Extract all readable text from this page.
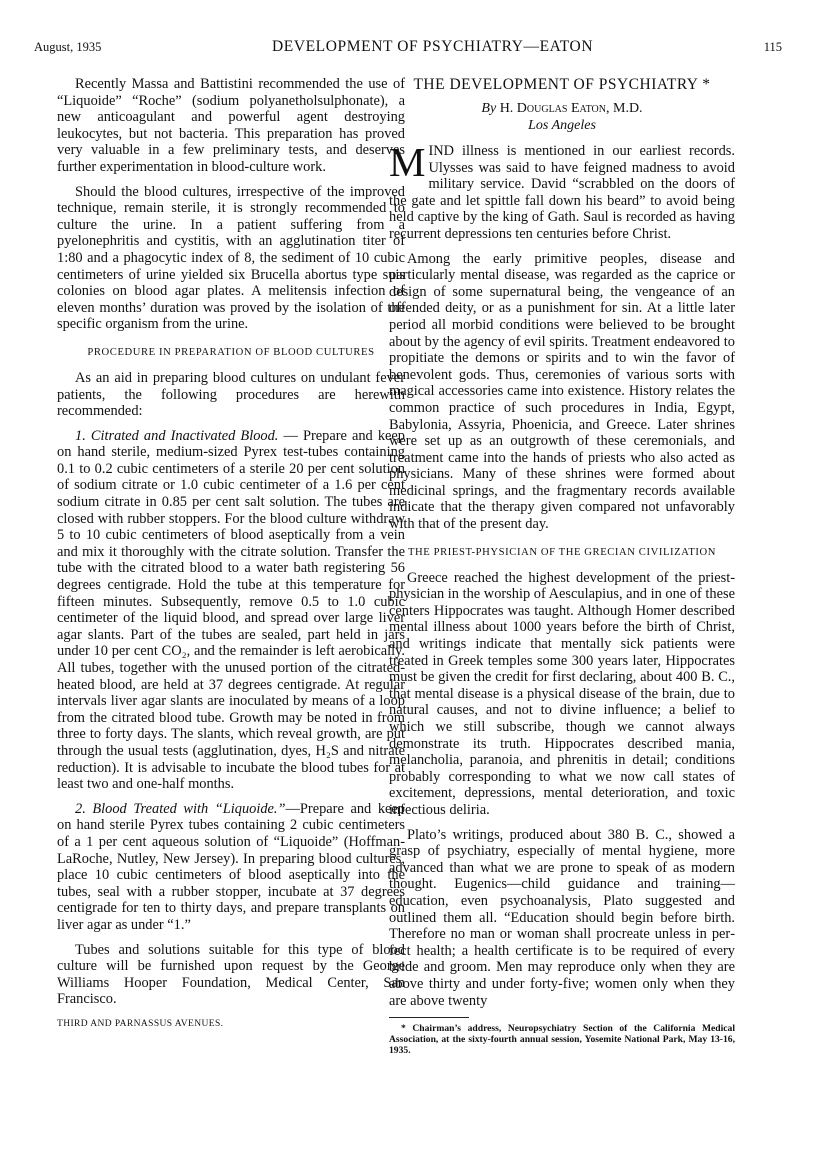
August, 1935	DEVELOPMENT OF PSYCHIATRY—EATON	115

Recently Massa and Battistini recommended the use of “Liquoide” “Roche” (sodium polyanetholsulphonate), a new anticoagulant and powerful agent destroying leukocytes, but not bacteria. This preparation has proved very valuable in a few preliminary tests, and deserves further experimentation in blood-culture work.

Should the blood cultures, irrespective of the improved technique, remain sterile, it is strongly recommended to culture the urine. In a patient suffering from a pyelonephritis and cystitis, with an agglutination titer of 1:80 and a phagocytic index of 8, the sediment of 10 cubic centimeters of urine yielded six Brucella abortus type suis colonies on blood agar plates. A melitensis infection of eleven months’ duration was proved by the isolation of the specific organism from the urine.

PROCEDURE IN PREPARATION OF BLOOD CULTURES

As an aid in preparing blood cultures on undulant fever patients, the following procedures are herewith recommended:

1. Citrated and Inactivated Blood. — Prepare and keep on hand sterile, medium-sized Pyrex test-tubes containing 0.1 to 0.2 cubic centimeters of a sterile 20 per cent solution of sodium citrate or 1.0 cubic centimeter of a 1.6 per cent sodium citrate in 0.85 per cent salt solution. The tubes are closed with rubber stoppers. For the blood culture withdraw 5 to 10 cubic centimeters of blood aseptically from a vein and mix it thoroughly with the citrate solution. Transfer the tube with the citrated blood to a water bath registering 56 degrees centigrade. Hold the tube at this temperature for fifteen minutes. Subsequently, remove 0.5 to 1.0 cubic centimeter of the liquid blood, and spread over large liver agar slants. Part of the tubes are sealed, part held in jars under 10 per cent CO₂, and the remainder is left aerobically. All tubes, together with the unused portion of the citrated-heated blood, are held at 37 degrees centigrade. At regular intervals liver agar slants are inoculated by means of a loop from the citrated blood tube. Growth may be noted in from three to forty days. The slants, which reveal growth, are put through the usual tests (agglutination, dyes, H₂S and nitrate reduction). It is advisable to incubate the blood tubes for at least two and one-half months.

2. Blood Treated with “Liquoide.”—Prepare and keep on hand sterile Pyrex tubes containing 2 cubic centimeters of a 1 per cent aqueous solution of “Liquoide” (Hoffman-LaRoche, Nutley, New Jersey). In preparing blood cultures, place 10 cubic centimeters of blood aseptically into the tubes, seal with a rubber stopper, incubate at 37 degrees centigrade for ten to thirty days, and prepare transplants on liver agar as under “1.”

Tubes and solutions suitable for this type of blood culture will be furnished upon request by the George Williams Hooper Foundation, Medical Center, San Francisco.

THIRD AND PARNASSUS AVENUES.

THE DEVELOPMENT OF PSYCHIATRY *
By H. Douglas Eaton, M.D.
Los Angeles

MIND illness is mentioned in our earliest records. Ulysses was said to have feigned madness to avoid military service. David “scrabbled on the doors of the gate and let spittle fall down his beard” to avoid being held captive by the king of Gath. Saul is recorded as having recurrent depressions ten centuries before Christ.

Among the early primitive peoples, disease and particularly mental disease, was regarded as the caprice or design of some supernatural being, the vengeance of an offended deity, or as a punishment for sin. At a little later period all morbid conditions were believed to be brought about by the agency of evil spirits. Treatment endeavored to propitiate the demons or spirits and to win the favor of benevolent gods. Thus, ceremonies of various sorts with magical accessories came into existence. History relates the common practice of such procedures in India, Egypt, Babylonia, Assyria, Phoenicia, and Greece. Later shrines were set up as an outgrowth of these ceremonials, and treatment came into the hands of priests who also acted as physicians. Many of these shrines were formed about medicinal springs, and the fragmentary records available indicate that the therapy given compared not unfavorably with that of the present day.

THE PRIEST-PHYSICIAN OF THE GRECIAN CIVILIZATION

Greece reached the highest development of the priest-physician in the worship of Aesculapius, and in one of these centers Hippocrates was taught. Although Homer described mental illness about 1000 years before the birth of Christ, and writings indicate that mentally sick patients were treated in Greek temples some 300 years later, Hippocrates must be given the credit for first declaring, about 400 B. C., that mental disease is a physical disease of the brain, due to natural causes, and not to divine influence; a belief to which we still subscribe, though we cannot always demonstrate its truth. Hippocrates described mania, melancholia, paranoia, and phrenitis in detail; conditions probably corresponding to what we now call states of excitement, depressions, mental deterioration, and toxic infectious deliria.

Plato’s writings, produced about 380 B. C., showed a grasp of psychiatry, especially of mental hygiene, more advanced than what we are prone to speak of as modern thought. Eugenics—child guidance and training—education, even psychoanalysis, Plato suggested and outlined them all. “Education should begin before birth. Therefore no man or woman shall procreate unless in perfect health; a health certificate is to be required of every bride and groom. Men may reproduce only when they are above thirty and under forty-five; women only when they are above twenty

* Chairman’s address, Neuropsychiatry Section of the California Medical Association, at the sixty-fourth annual session, Yosemite National Park, May 13-16, 1935.
